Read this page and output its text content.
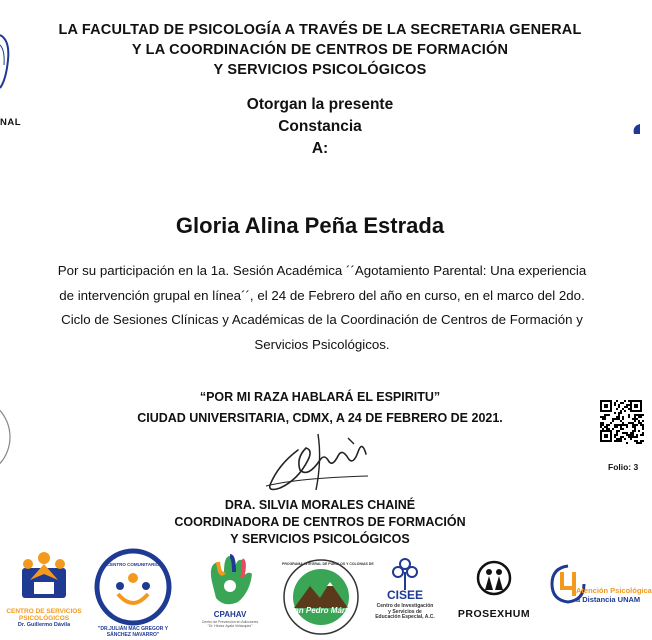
NAL
LA FACULTAD DE PSICOLOGÍA A TRAVÉS DE LA SECRETARIA GENERAL
Y LA COORDINACIÓN DE CENTROS DE FORMACIÓN
Y SERVICIOS PSICOLÓGICOS
Otorgan la presente
Constancia
A:
Gloria Alina Peña Estrada
Por su participación en la 1a. Sesión Académica ´´Agotamiento Parental: Una experiencia
de intervención grupal en línea´´, el 24 de Febrero del año en curso, en el marco del 2do.
Ciclo de Sesiones Clínicas y Académicas de la Coordinación de Centros de Formación y
Servicios Psicológicos.
“POR MI RAZA HABLARÁ EL ESPIRITU”
CIUDAD UNIVERSITARIA, CDMX, A 24 DE FEBRERO DE 2021.
Folio: 3
DRA. SILVIA MORALES CHAINÉ
COORDINADORA DE CENTROS DE FORMACIÓN
Y SERVICIOS PSICOLÓGICOS
CENTRO DE SERVICIOS
PSICOLÓGICOS
Dr. Guillermo Dávila
CENTRO COMUNITARIO
"DR.JULIÁN MAC GREGOR Y
SÁNCHEZ NAVARRO"
CPAHAV
Centro de Prevención en Adicciones
"Dr. Héctor Ayala Velázquez"
PROGRAMA INTEGRAL DE PUEBLOS Y COLONIAS DE
San Pedro Mártir
CISEE
Centro de Investigación
y Servicios de
Educación Especial, A.C.	PROSEXHUM
Atención Psicológica
a Distancia UNAM
